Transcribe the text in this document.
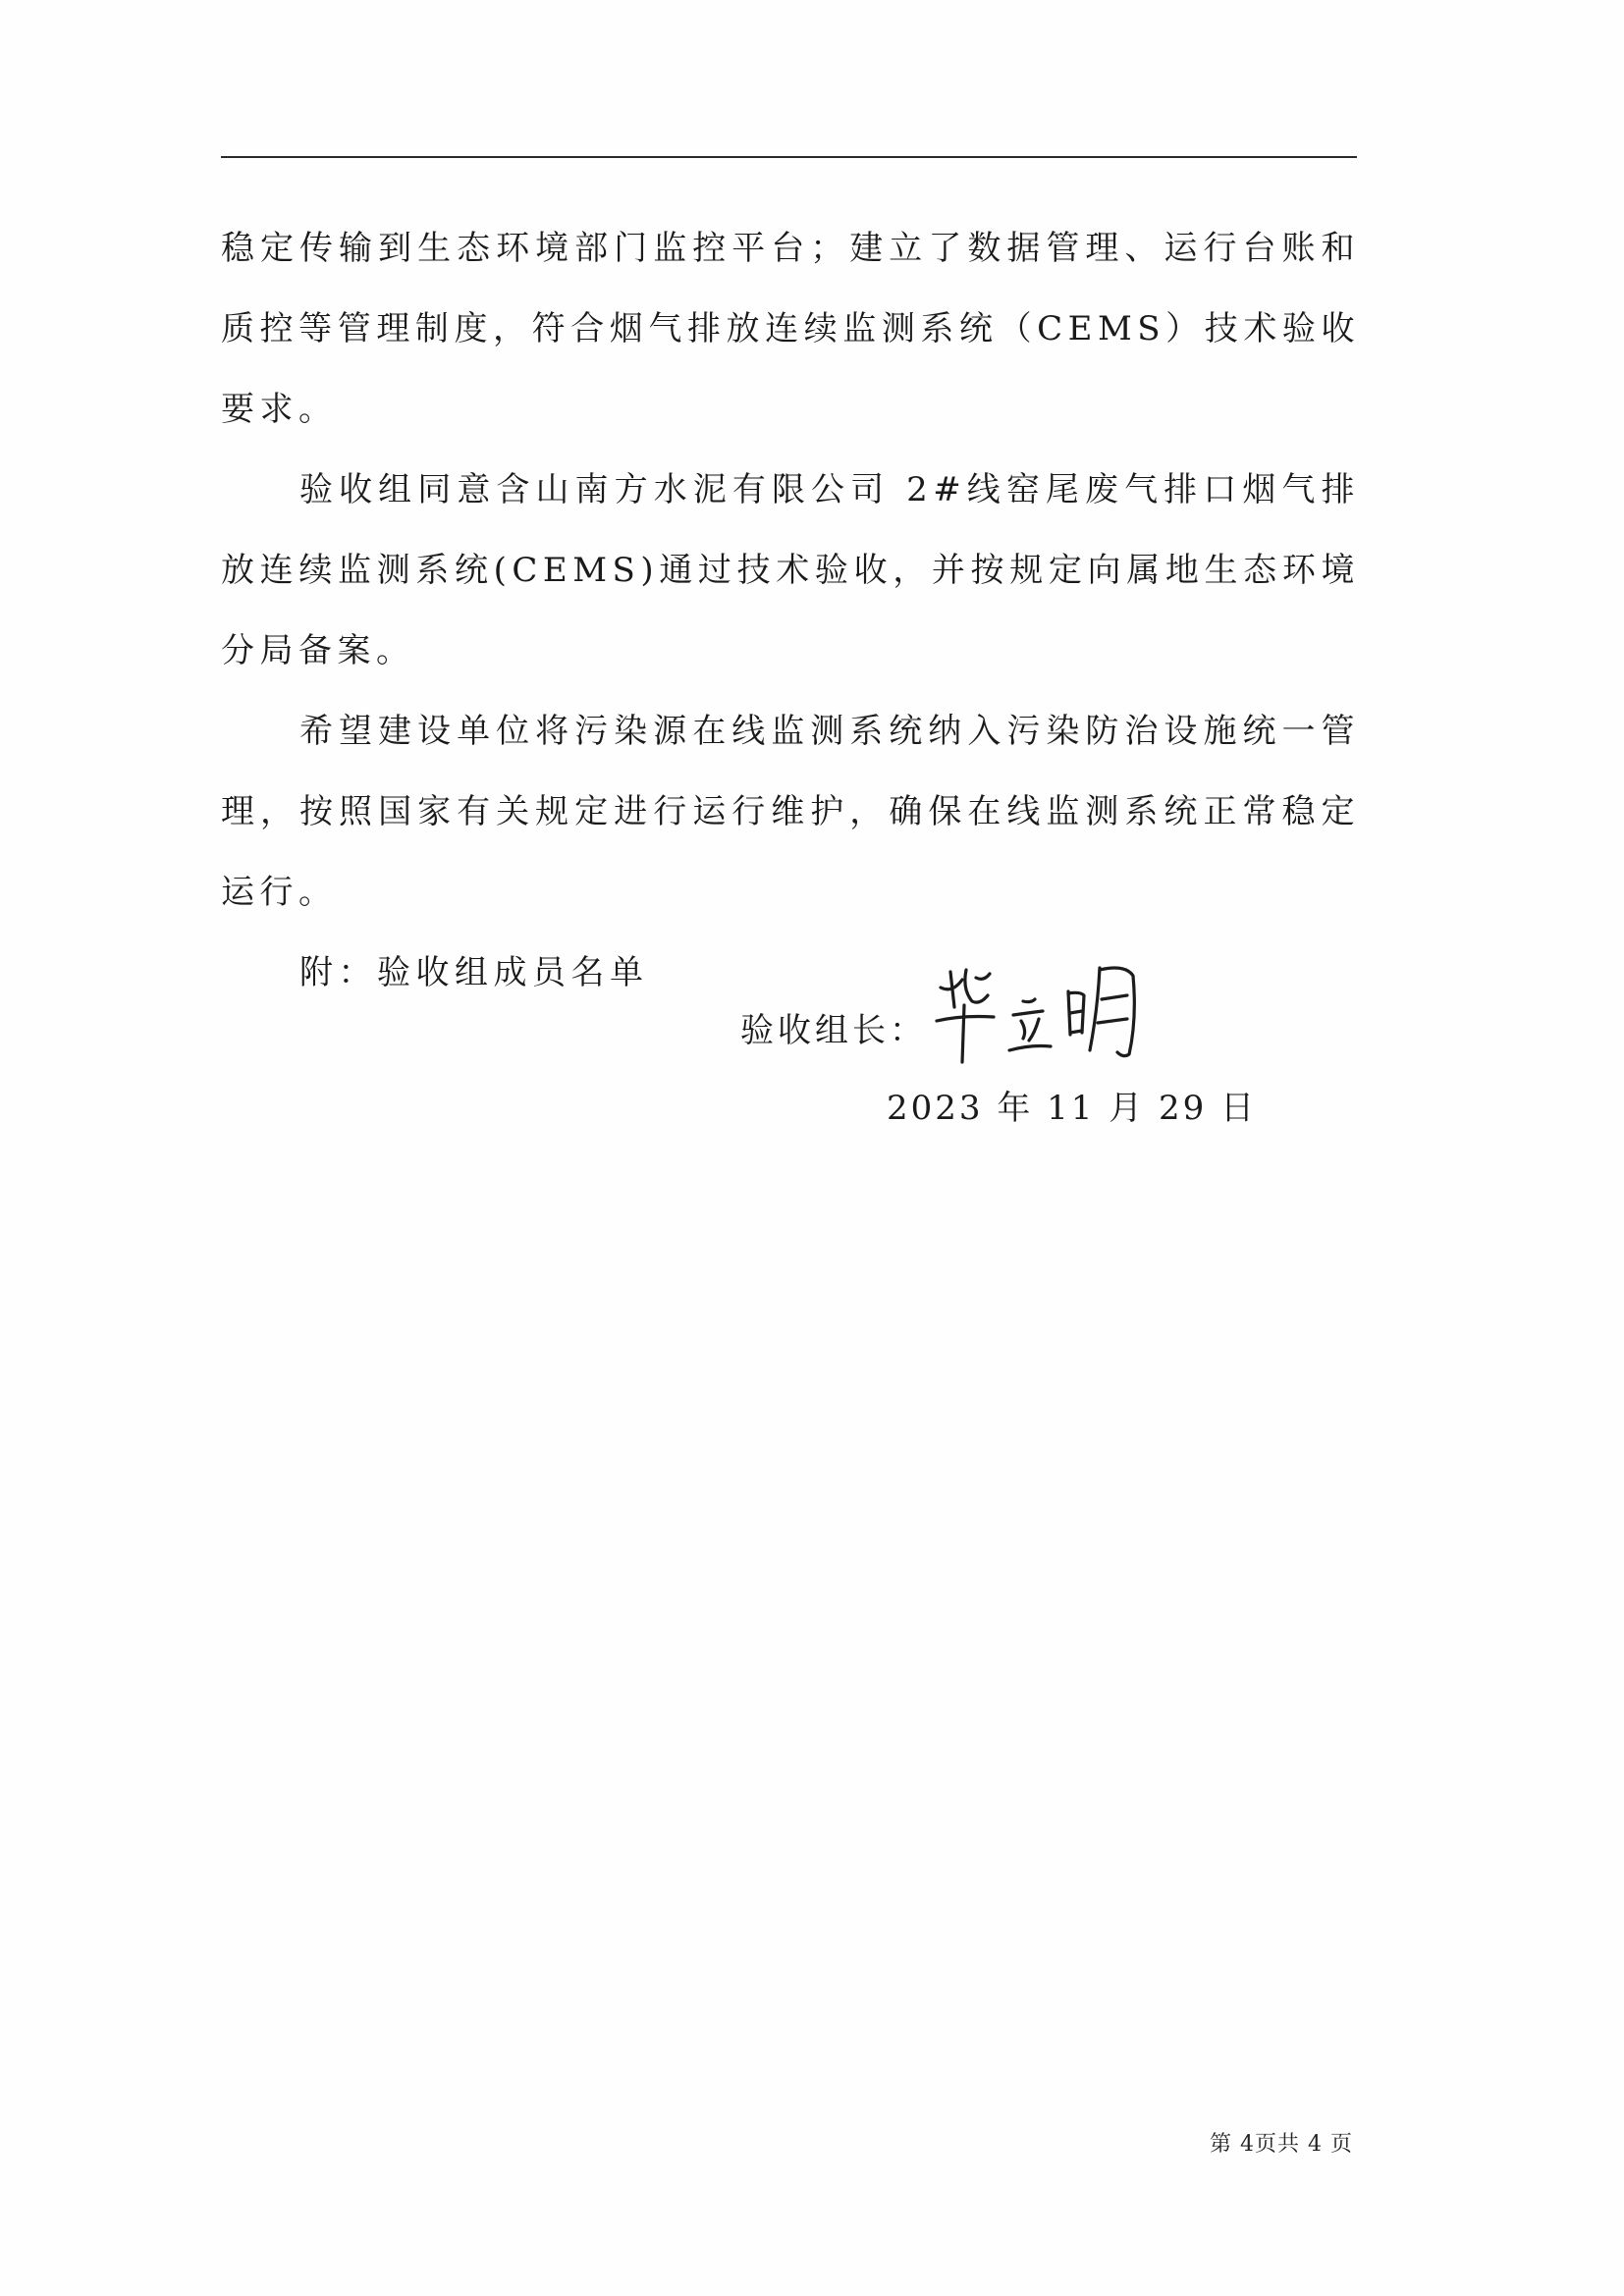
稳定传输到生态环境部门监控平台；建立了数据管理、运行台账和质控等管理制度，符合烟气排放连续监测系统（CEMS）技术验收要求。

验收组同意含山南方水泥有限公司 2#线窑尾废气排口烟气排放连续监测系统(CEMS)通过技术验收，并按规定向属地生态环境分局备案。

希望建设单位将污染源在线监测系统纳入污染防治设施统一管理，按照国家有关规定进行运行维护，确保在线监测系统正常稳定运行。

附：验收组成员名单

验收组长：
2023 年 11 月 29 日
第 4页共 4 页
